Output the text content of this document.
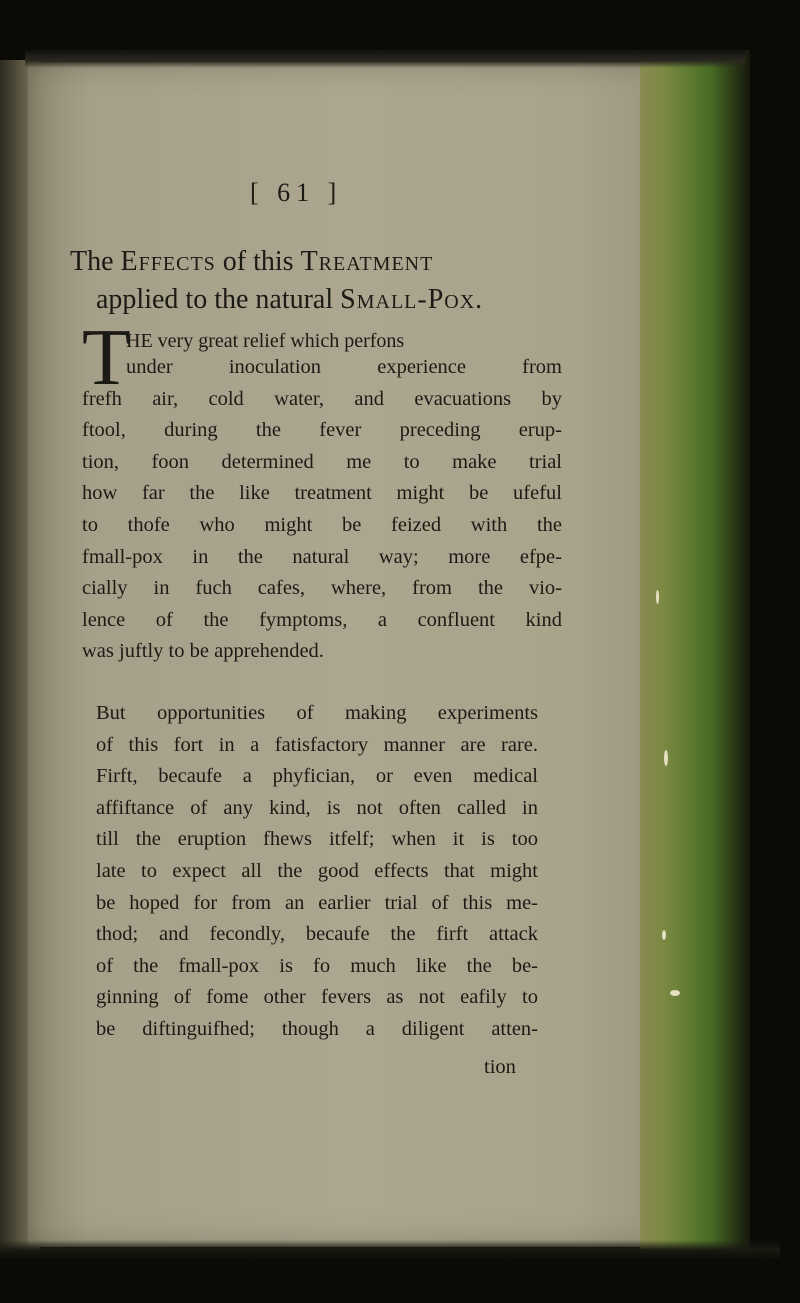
[ 61 ]
The Effects of this Treatment
applied to the natural Small-Pox.
T
HE very great relief which perfons
under inoculation experience from
frefh air, cold water, and evacuations by
ftool, during the fever preceding erup-
tion, foon determined me to make trial
how far the like treatment might be ufeful
to thofe who might be feized with the
fmall-pox in the natural way; more efpe-
cially in fuch cafes, where, from the vio-
lence of the fymptoms, a confluent kind
was juftly to be apprehended.
But opportunities of making experiments
of this fort in a fatisfactory manner are rare.
Firft, becaufe a phyfician, or even medical
affiftance of any kind, is not often called in
till the eruption fhews itfelf; when it is too
late to expect all the good effects that might
be hoped for from an earlier trial of this me-
thod; and fecondly, becaufe the firft attack
of the fmall-pox is fo much like the be-
ginning of fome other fevers as not eafily to
be diftinguifhed; though a diligent atten-
tion
